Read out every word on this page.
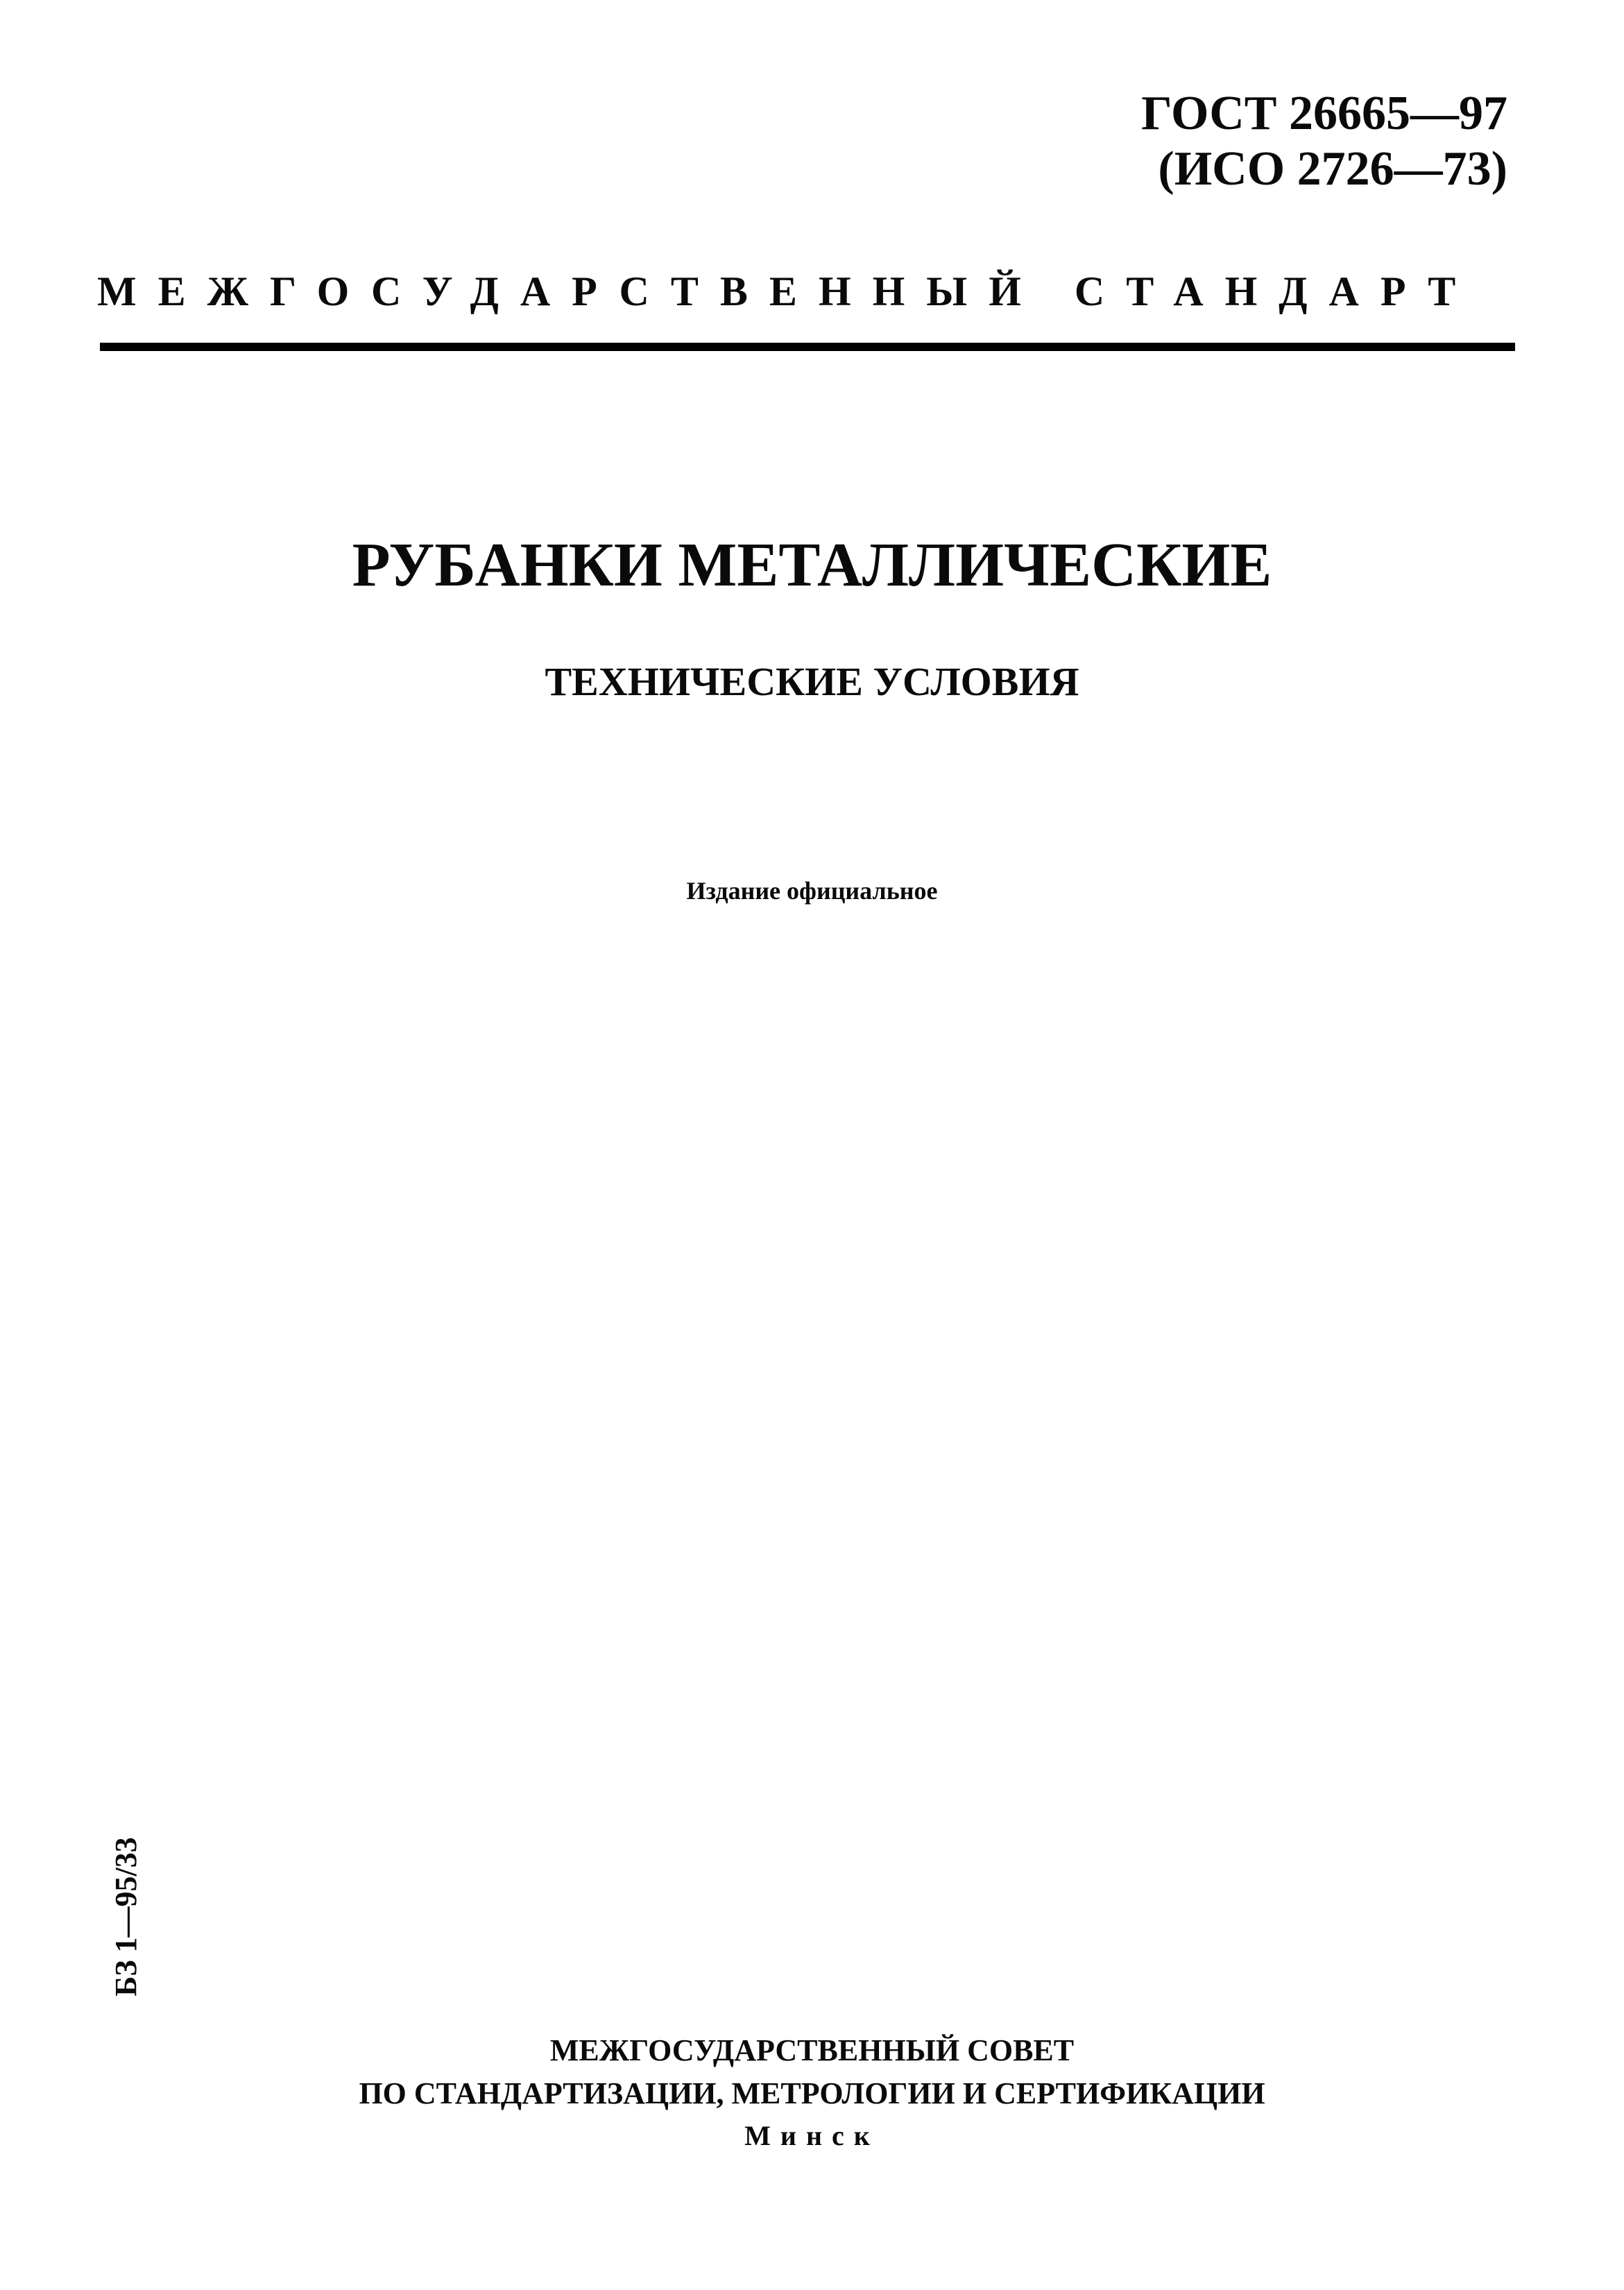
ГОСТ 26665—97
(ИСО 2726—73)
МЕЖГОСУДАРСТВЕННЫЙ СТАНДАРТ
РУБАНКИ МЕТАЛЛИЧЕСКИЕ
ТЕХНИЧЕСКИЕ УСЛОВИЯ
Издание официальное
БЗ 1—95/33
МЕЖГОСУДАРСТВЕННЫЙ СОВЕТ
ПО СТАНДАРТИЗАЦИИ, МЕТРОЛОГИИ И СЕРТИФИКАЦИИ
Минск
